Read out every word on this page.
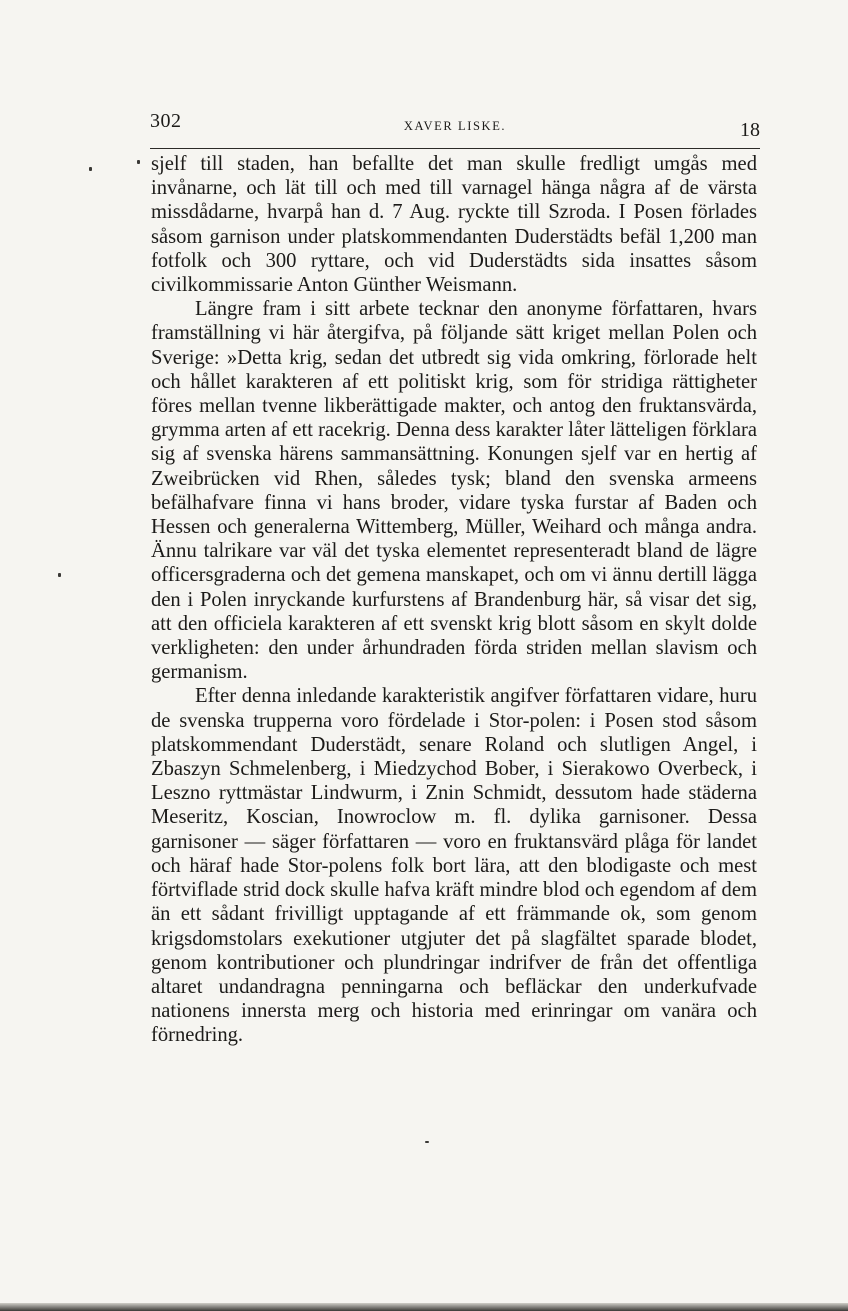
302	XAVER LISKE.	18

sjelf till staden, han befallte det man skulle fredligt umgås med invånarne, och lät till och med till varnagel hänga några af de värsta missdådarne, hvarpå han d. 7 Aug. ryckte till Szroda. I Posen förlades såsom garnison under platskommendanten Duderstädts befäl 1,200 man fotfolk och 300 ryttare, och vid Duderstädts sida insattes såsom civilkommissarie Anton Günther Weismann.

Längre fram i sitt arbete tecknar den anonyme författaren, hvars framställning vi här återgifva, på följande sätt kriget mellan Polen och Sverige: »Detta krig, sedan det utbredt sig vida omkring, förlorade helt och hållet karakteren af ett politiskt krig, som för stridiga rättigheter föres mellan tvenne likberättigade makter, och antog den fruktansvärda, grymma arten af ett racekrig. Denna dess karakter låter lätteligen förklara sig af svenska härens sammansättning. Konungen sjelf var en hertig af Zweibrücken vid Rhen, således tysk; bland den svenska armeens befälhafvare finna vi hans broder, vidare tyska furstar af Baden och Hessen och generalerna Wittemberg, Müller, Weihard och många andra. Ännu talrikare var väl det tyska elementet representeradt bland de lägre officersgraderna och det gemena manskapet, och om vi ännu dertill lägga den i Polen inryckande kurfurstens af Brandenburg här, så visar det sig, att den officiela karakteren af ett svenskt krig blott såsom en skylt dolde verkligheten: den under århundraden förda striden mellan slavism och germanism.

Efter denna inledande karakteristik angifver författaren vidare, huru de svenska trupperna voro fördelade i Stor-polen: i Posen stod såsom platskommendant Duderstädt, senare Roland och slutligen Angel, i Zbaszyn Schmelenberg, i Miedzychod Bober, i Sierakowo Overbeck, i Leszno ryttmästar Lindwurm, i Znin Schmidt, dessutom hade städerna Meseritz, Koscian, Inowroclow m. fl. dylika garnisoner. Dessa garnisoner — säger författaren — voro en fruktansvärd plåga för landet och häraf hade Stor-polens folk bort lära, att den blodigaste och mest förtviflade strid dock skulle hafva kräft mindre blod och egendom af dem än ett sådant frivilligt upptagande af ett främmande ok, som genom krigsdomstolars exekutioner utgjuter det på slagfältet sparade blodet, genom kontributioner och plundringar indrifver de från det offentliga altaret undandragna penningarna och befläckar den underkufvade nationens innersta merg och historia med erinringar om vanära och förnedring.
